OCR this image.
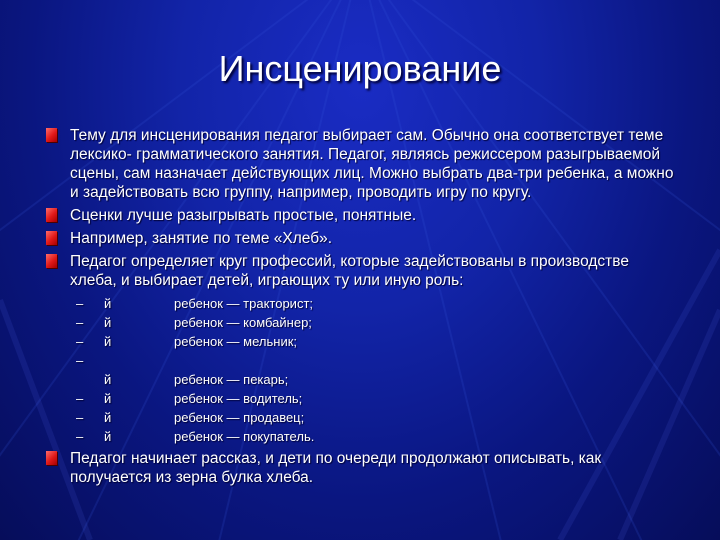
Инсценирование
Тему для инсценирования педагог выбирает сам. Обычно она соответствует теме лексико- грамматического занятия. Педагог, являясь режиссером разыгрываемой сцены, сам назначает действующих лиц. Можно выбрать два-три ребенка, а можно и задействовать всю группу, например, проводить игру по кругу.
Сценки лучше разыгрывать простые, понятные.
Например, занятие по теме «Хлеб».
Педагог определяет круг профессий, которые задействованы в производстве хлеба, и выбирает детей, играющих ту или иную роль:
– й	ребенок — тракторист;
– й	ребенок — комбайнер;
– й	ребенок — мельник;
–
й	ребенок — пекарь;
– й	ребенок — водитель;
– й	ребенок — продавец;
– й	ребенок — покупатель.
Педагог начинает рассказ, и дети по очереди продолжают описывать, как получается из зерна булка хлеба.
